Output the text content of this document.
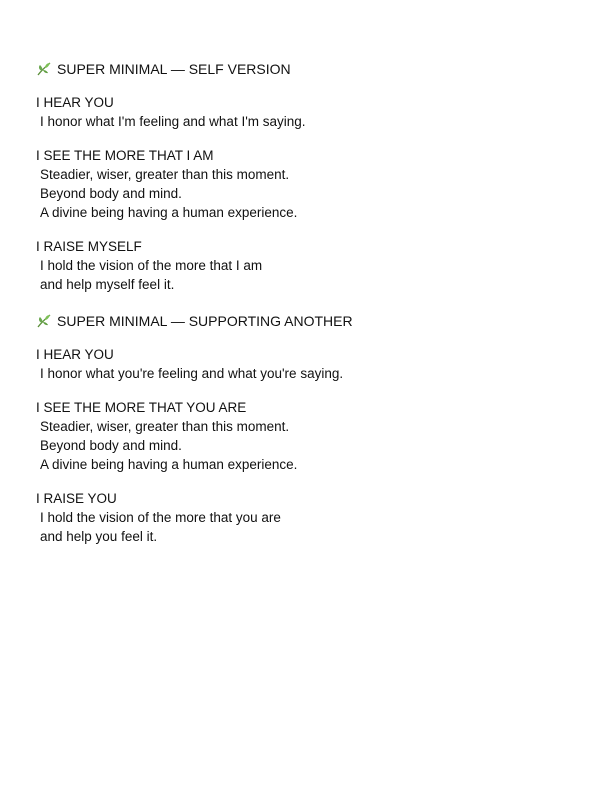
SUPER MINIMAL — SELF VERSION

I HEAR YOU
I honor what I'm feeling and what I'm saying.

I SEE THE MORE THAT I AM
Steadier, wiser, greater than this moment.
Beyond body and mind.
A divine being having a human experience.

I RAISE MYSELF
I hold the vision of the more that I am
and help myself feel it.

SUPER MINIMAL — SUPPORTING ANOTHER

I HEAR YOU
I honor what you're feeling and what you're saying.

I SEE THE MORE THAT YOU ARE
Steadier, wiser, greater than this moment.
Beyond body and mind.
A divine being having a human experience.

I RAISE YOU
I hold the vision of the more that you are
and help you feel it.
